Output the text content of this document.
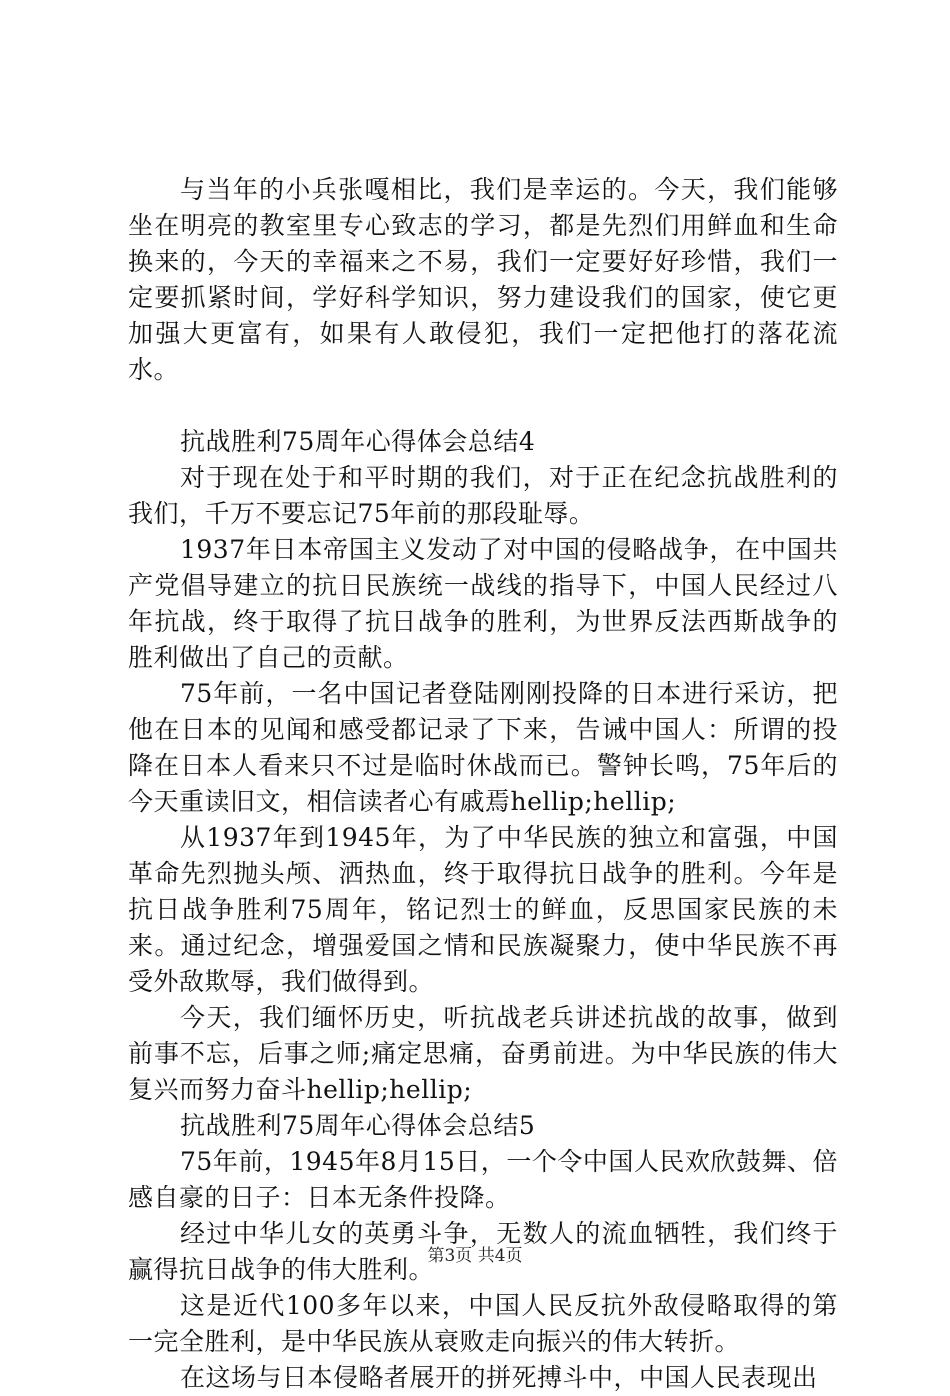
与当年的小兵张嘎相比，我们是幸运的。今天，我们能够坐在明亮的教室里专心致志的学习，都是先烈们用鲜血和生命换来的，今天的幸福来之不易，我们一定要好好珍惜，我们一定要抓紧时间，学好科学知识，努力建设我们的国家，使它更加强大更富有，如果有人敢侵犯，我们一定把他打的落花流水。

抗战胜利75周年心得体会总结4

对于现在处于和平时期的我们，对于正在纪念抗战胜利的我们，千万不要忘记75年前的那段耻辱。

1937年日本帝国主义发动了对中国的侵略战争，在中国共产党倡导建立的抗日民族统一战线的指导下，中国人民经过八年抗战，终于取得了抗日战争的胜利，为世界反法西斯战争的胜利做出了自己的贡献。

75年前，一名中国记者登陆刚刚投降的日本进行采访，把他在日本的见闻和感受都记录了下来，告诫中国人：所谓的投降在日本人看来只不过是临时休战而已。警钟长鸣，75年后的今天重读旧文，相信读者心有戚焉hellip;hellip;

从1937年到1945年，为了中华民族的独立和富强，中国革命先烈抛头颅、洒热血，终于取得抗日战争的胜利。今年是抗日战争胜利75周年，铭记烈士的鲜血，反思国家民族的未来。通过纪念，增强爱国之情和民族凝聚力，使中华民族不再受外敌欺辱，我们做得到。

今天，我们缅怀历史，听抗战老兵讲述抗战的故事，做到前事不忘，后事之师;痛定思痛，奋勇前进。为中华民族的伟大复兴而努力奋斗hellip;hellip;

抗战胜利75周年心得体会总结5

75年前，1945年8月15日，一个令中国人民欢欣鼓舞、倍感自豪的日子：日本无条件投降。

经过中华儿女的英勇斗争，无数人的流血牺牲，我们终于赢得抗日战争的伟大胜利。

这是近代100多年以来，中国人民反抗外敌侵略取得的第一完全胜利，是中华民族从衰败走向振兴的伟大转折。

在这场与日本侵略者展开的拼死搏斗中，中国人民表现出

第3页 共4页
